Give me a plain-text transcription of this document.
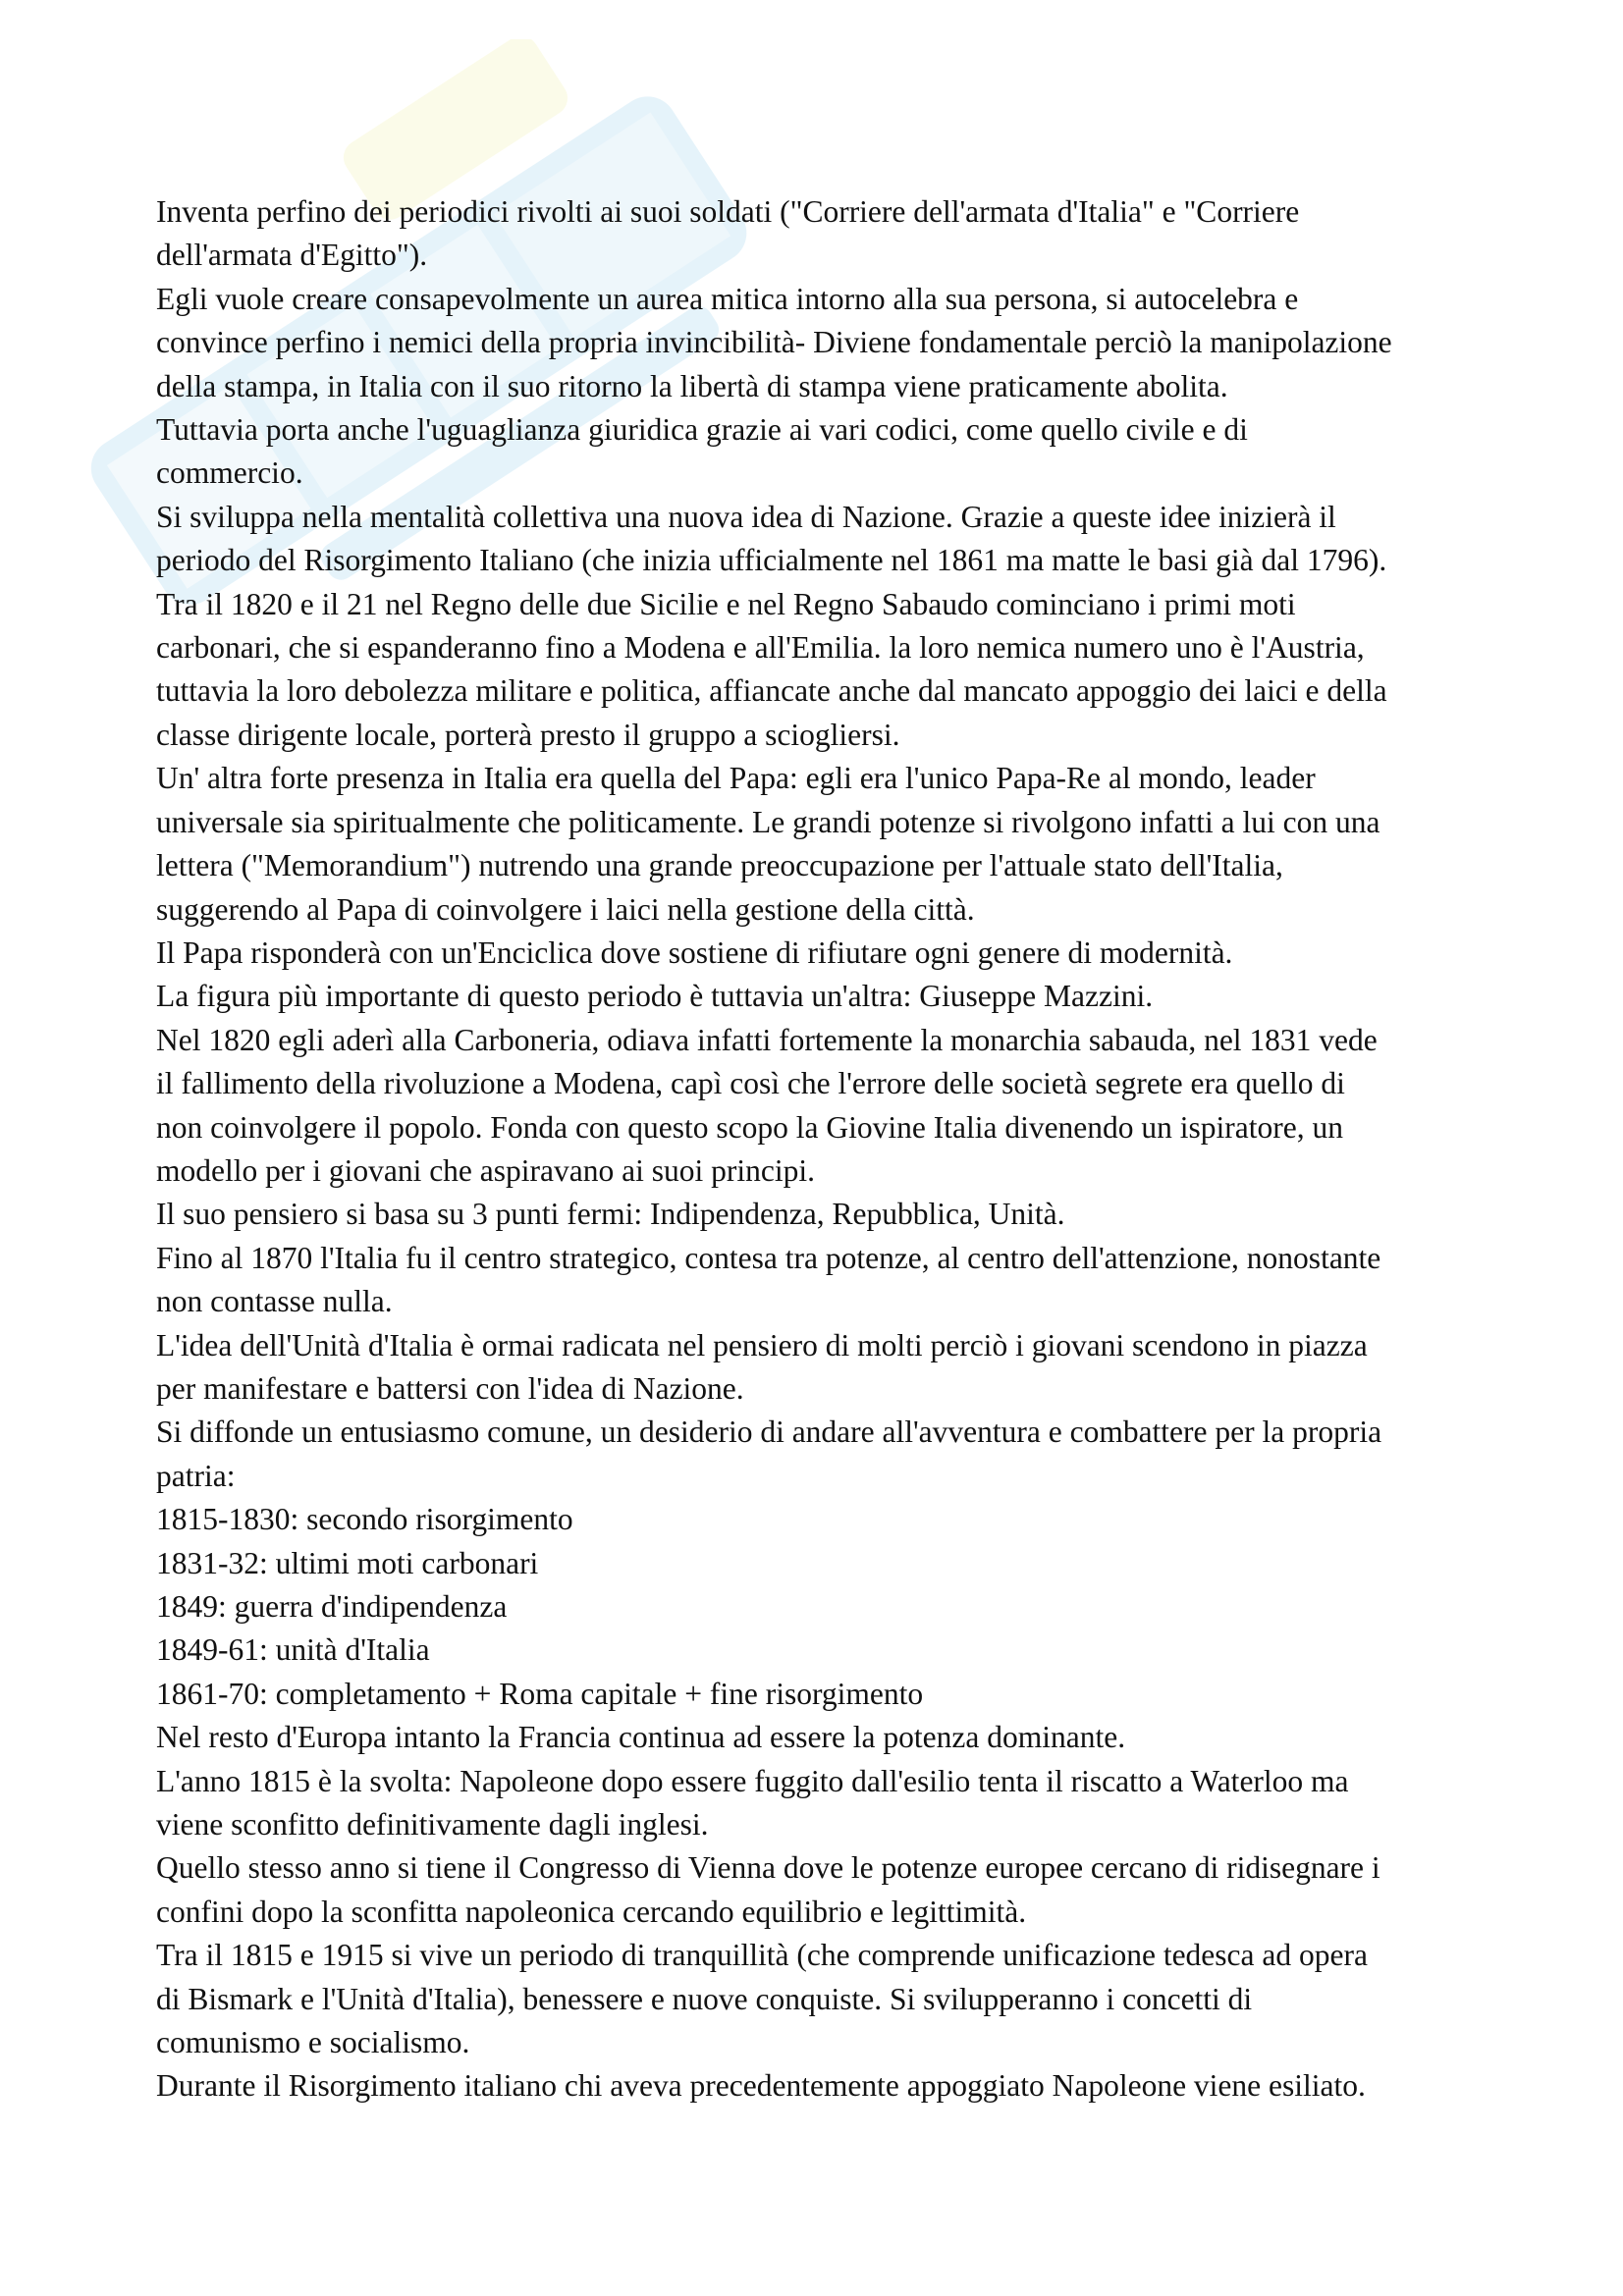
Inventa perfino dei periodici rivolti ai suoi soldati ("Corriere dell'armata d'Italia" e "Corriere
dell'armata d'Egitto").
Egli vuole creare consapevolmente un aurea mitica intorno alla sua persona, si autocelebra e
convince perfino i nemici della propria invincibilità- Diviene fondamentale perciò la manipolazione
della stampa, in Italia con il suo ritorno la libertà di stampa viene praticamente abolita.
Tuttavia porta anche l'uguaglianza giuridica grazie ai vari codici, come quello civile e di
commercio.
Si sviluppa nella mentalità collettiva una nuova idea di Nazione. Grazie a queste idee inizierà il
periodo del Risorgimento Italiano (che inizia ufficialmente nel 1861 ma matte le basi già dal 1796).
Tra il 1820 e il 21 nel Regno delle due Sicilie e nel Regno Sabaudo cominciano i primi moti
carbonari, che si espanderanno fino a Modena e all'Emilia. la loro nemica numero uno è l'Austria,
tuttavia la loro debolezza militare e politica, affiancate anche dal mancato appoggio dei laici e della
classe dirigente locale, porterà presto il gruppo a sciogliersi.
Un' altra forte presenza in Italia era quella del Papa: egli era l'unico Papa-Re al mondo, leader
universale sia spiritualmente che politicamente. Le grandi potenze si rivolgono infatti a lui con una
lettera ("Memorandium") nutrendo una grande preoccupazione per l'attuale stato dell'Italia,
suggerendo al Papa di coinvolgere i laici nella gestione della città.
Il Papa risponderà con un'Enciclica dove sostiene di rifiutare ogni genere di modernità.
La figura più importante di questo periodo è tuttavia un'altra: Giuseppe Mazzini.
Nel 1820 egli aderì alla Carboneria, odiava infatti fortemente la monarchia sabauda, nel 1831 vede
il fallimento della rivoluzione a Modena, capì così che l'errore delle società segrete era quello di
non coinvolgere il popolo. Fonda con questo scopo la Giovine Italia divenendo un ispiratore, un
modello per i giovani che aspiravano ai suoi principi.
Il suo pensiero si basa su 3 punti fermi: Indipendenza, Repubblica, Unità.
Fino al 1870 l'Italia fu il centro strategico, contesa tra potenze, al centro dell'attenzione, nonostante
non contasse nulla.
L'idea dell'Unità d'Italia è ormai radicata nel pensiero di molti perciò i giovani scendono in piazza
per manifestare e battersi con l'idea di Nazione.
Si diffonde un entusiasmo comune, un desiderio di andare all'avventura e combattere per la propria
patria:
1815-1830: secondo risorgimento
1831-32: ultimi moti carbonari
1849: guerra d'indipendenza
1849-61: unità d'Italia
1861-70: completamento + Roma capitale + fine risorgimento
Nel resto d'Europa intanto la Francia continua ad essere la potenza dominante.
L'anno 1815 è la svolta: Napoleone dopo essere fuggito dall'esilio tenta il riscatto a Waterloo ma
viene sconfitto definitivamente dagli inglesi.
Quello stesso anno si tiene il Congresso di Vienna dove le potenze europee cercano di ridisegnare i
confini dopo la sconfitta napoleonica cercando equilibrio e legittimità.
Tra il 1815 e 1915 si vive un periodo di tranquillità (che comprende unificazione tedesca ad opera
di Bismark e l'Unità d'Italia), benessere e nuove conquiste. Si svilupperanno i concetti di
comunismo e socialismo.
Durante il Risorgimento italiano chi aveva precedentemente appoggiato Napoleone viene esiliato.
